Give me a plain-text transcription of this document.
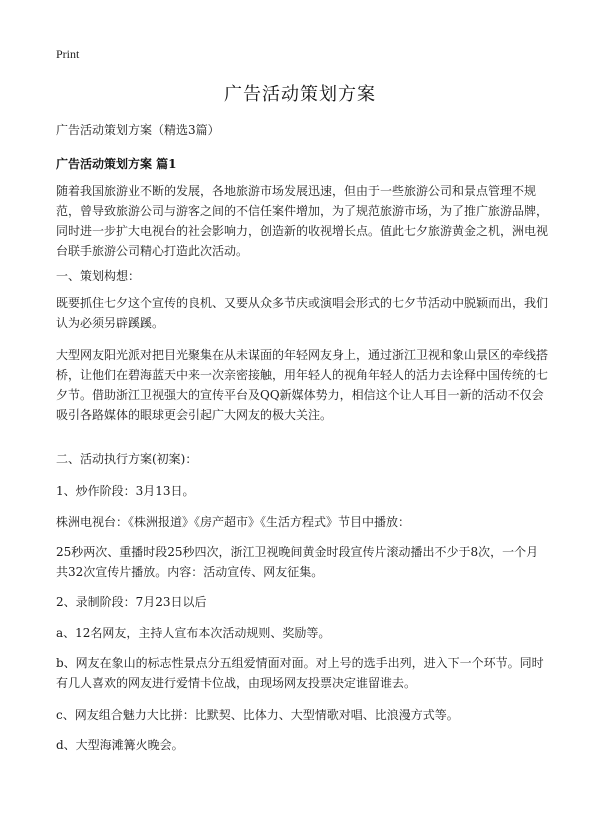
Print
广告活动策划方案
广告活动策划方案（精选3篇）
广告活动策划方案 篇1
随着我国旅游业不断的发展，各地旅游市场发展迅速，但由于一些旅游公司和景点管理不规范，曾导致旅游公司与游客之间的不信任案件增加，为了规范旅游市场，为了推广旅游品牌，同时进一步扩大电视台的社会影响力，创造新的收视增长点。值此七夕旅游黄金之机，洲电视台联手旅游公司精心打造此次活动。
一、策划构想：
既要抓住七夕这个宣传的良机、又要从众多节庆或演唱会形式的七夕节活动中脱颖而出，我们认为必须另辟蹊蹊。
大型网友阳光派对把目光聚集在从未谋面的年轻网友身上，通过浙江卫视和象山景区的牵线搭桥，让他们在碧海蓝天中来一次亲密接触，用年轻人的视角年轻人的活力去诠释中国传统的七夕节。借助浙江卫视强大的宣传平台及QQ新媒体势力，相信这个让人耳目一新的活动不仅会吸引各路媒体的眼球更会引起广大网友的极大关注。
二、活动执行方案(初案)：
1、炒作阶段：3月13日。
株洲电视台：《株洲报道》《房产超市》《生活方程式》节目中播放：
25秒两次、重播时段25秒四次，浙江卫视晚间黄金时段宣传片滚动播出不少于8次，一个月共32次宣传片播放。内容：活动宣传、网友征集。
2、录制阶段：7月23日以后
a、12名网友，主持人宣布本次活动规则、奖励等。
b、网友在象山的标志性景点分五组爱情面对面。对上号的选手出列，进入下一个环节。同时有几人喜欢的网友进行爱情卡位战，由现场网友投票决定谁留谁去。
c、网友组合魅力大比拼：比默契、比体力、大型情歌对唱、比浪漫方式等。
d、大型海滩篝火晚会。
